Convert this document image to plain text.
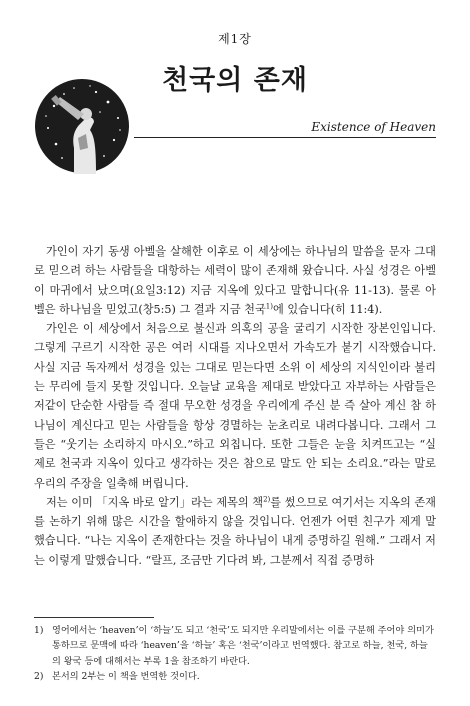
제1장
천국의 존재
Existence of Heaven

가인이 자기 동생 아벨을 살해한 이후로 이 세상에는 하나님의 말씀을 문자 그대로 믿으려 하는 사람들을 대항하는 세력이 많이 존재해 왔습니다. 사실 성경은 아벨이 마귀에서 났으며(요일3:12) 지금 지옥에 있다고 말합니다(유 11-13). 물론 아벨은 하나님을 믿었고(창5:5) 그 결과 지금 천국$^{1)}$에 있습니다(히 11:4).

가인은 이 세상에서 처음으로 불신과 의혹의 공을 굴리기 시작한 장본인입니다. 그렇게 구르기 시작한 공은 여러 시대를 지나오면서 가속도가 붙기 시작했습니다. 사실 지금 독자께서 성경을 있는 그대로 믿는다면 소위 이 세상의 지식인이라 불리는 무리에 들지 못할 것입니다. 오늘날 교육을 제대로 받았다고 자부하는 사람들은 저같이 단순한 사람들 즉 절대 무오한 성경을 우리에게 주신 분 즉 살아 계신 참 하나님이 계신다고 믿는 사람들을 항상 경멸하는 눈초리로 내려다봅니다. 그래서 그들은 “웃기는 소리하지 마시오.”하고 외칩니다. 또한 그들은 눈을 치켜뜨고는 “실제로 천국과 지옥이 있다고 생각하는 것은 참으로 말도 안 되는 소리요.”라는 말로 우리의 주장을 일축해 버립니다.

저는 이미 「지옥 바로 알기」라는 제목의 책$^{2)}$를 썼으므로 여기서는 지옥의 존재를 논하기 위해 많은 시간을 할애하지 않을 것입니다. 언젠가 어떤 친구가 제게 말했습니다. “나는 지옥이 존재한다는 것을 하나님이 내게 증명하길 원해.” 그래서 저는 이렇게 말했습니다. “랄프, 조금만 기다려 봐, 그분께서 직접 증명하

1) 영어에서는 ‘heaven’이 ‘하늘’도 되고 ‘천국’도 되지만 우리말에서는 이를 구분해 주어야 의미가 통하므로 문맥에 따라 ‘heaven’을 ‘하늘’ 혹은 ‘천국’이라고 번역했다. 참고로 하늘, 천국, 하늘의 왕국 등에 대해서는 부록 1을 참조하기 바란다.
2) 본서의 2부는 이 책을 번역한 것이다.
